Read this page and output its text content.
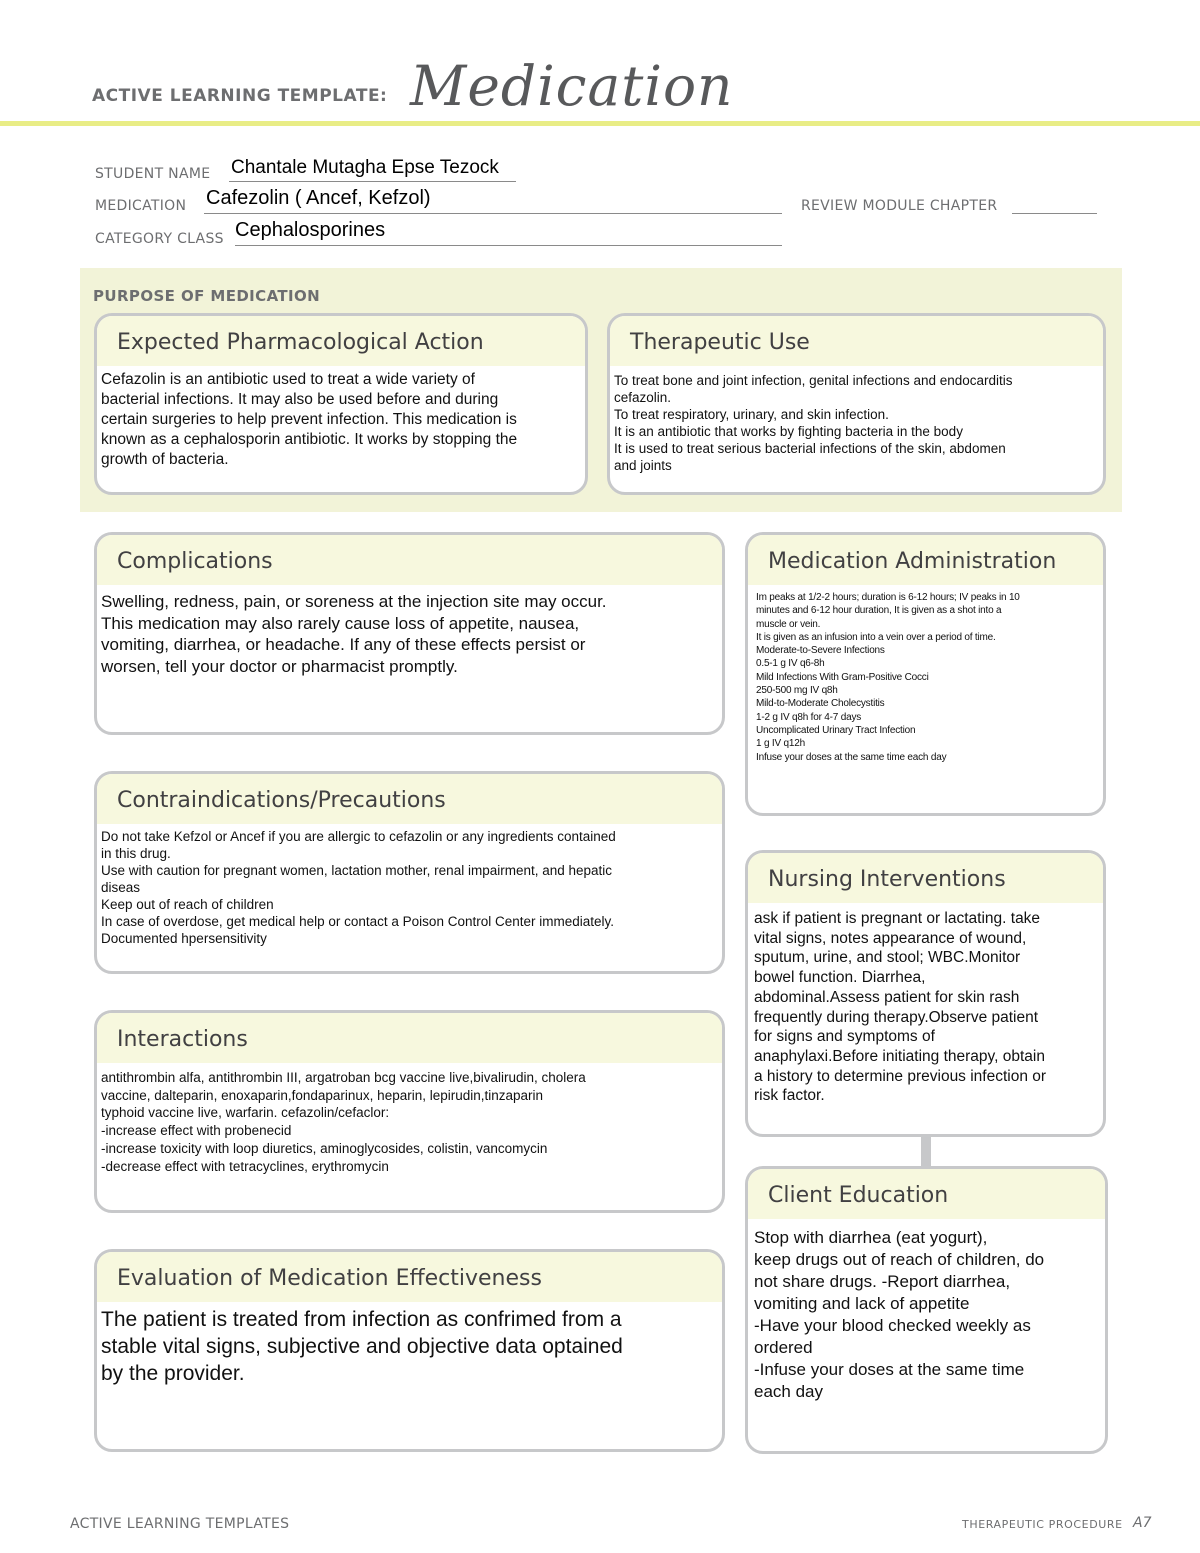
ACTIVE LEARNING TEMPLATE: Medication
STUDENT NAME Chantale Mutagha Epse Tezock
MEDICATION Cafezolin ( Ancef, Kefzol)	REVIEW MODULE CHAPTER
CATEGORY CLASS Cephalosporines
PURPOSE OF MEDICATION
Expected Pharmacological Action
Cefazolin is an antibiotic used to treat a wide variety of
bacterial infections. It may also be used before and during
certain surgeries to help prevent infection. This medication is
known as a cephalosporin antibiotic. It works by stopping the
growth of bacteria.
Therapeutic Use
To treat bone and joint infection, genital infections and endocarditis
cefazolin.
To treat respiratory, urinary, and skin infection.
It is an antibiotic that works by fighting bacteria in the body
It is used to treat serious bacterial infections of the skin, abdomen
and joints
Complications
Swelling, redness, pain, or soreness at the injection site may occur.
This medication may also rarely cause loss of appetite, nausea,
vomiting, diarrhea, or headache. If any of these effects persist or
worsen, tell your doctor or pharmacist promptly.
Medication Administration
Im peaks at 1/2-2 hours; duration is 6-12 hours; IV peaks in 10
minutes and 6-12 hour duration, It is given as a shot into a
muscle or vein.
It is given as an infusion into a vein over a period of time.
Moderate-to-Severe Infections
0.5-1 g IV q6-8h
Mild Infections With Gram-Positive Cocci
250-500 mg IV q8h
Mild-to-Moderate Cholecystitis
1-2 g IV q8h for 4-7 days
Uncomplicated Urinary Tract Infection
1 g IV q12h
Infuse your doses at the same time each day
Contraindications/Precautions
Do not take Kefzol or Ancef if you are allergic to cefazolin or any ingredients contained
in this drug.
Use with caution for pregnant women, lactation mother, renal impairment, and hepatic
diseas
Keep out of reach of children
In case of overdose, get medical help or contact a Poison Control Center immediately.
Documented hpersensitivity
Nursing Interventions
ask if patient is pregnant or lactating. take
vital signs, notes appearance of wound,
sputum, urine, and stool; WBC.Monitor
bowel function. Diarrhea,
abdominal.Assess patient for skin rash
frequently during therapy.Observe patient
for signs and symptoms of
anaphylaxi.Before initiating therapy, obtain
a history to determine previous infection or
risk factor.
Interactions
antithrombin alfa, antithrombin III, argatroban bcg vaccine live,bivalirudin, cholera
vaccine, dalteparin, enoxaparin,fondaparinux, heparin, lepirudin,tinzaparin
typhoid vaccine live, warfarin. cefazolin/cefaclor:
-increase effect with probenecid
-increase toxicity with loop diuretics, aminoglycosides, colistin, vancomycin
-decrease effect with tetracyclines, erythromycin
Client Education
Stop with diarrhea (eat yogurt),
keep drugs out of reach of children, do
not share drugs. -Report diarrhea,
vomiting and lack of appetite
-Have your blood checked weekly as
ordered
-Infuse your doses at the same time
each day
Evaluation of Medication Effectiveness
The patient is treated from infection as confrimed from a
stable vital signs, subjective and objective data optained
by the provider.
ACTIVE LEARNING TEMPLATES	THERAPEUTIC PROCEDURE A7
